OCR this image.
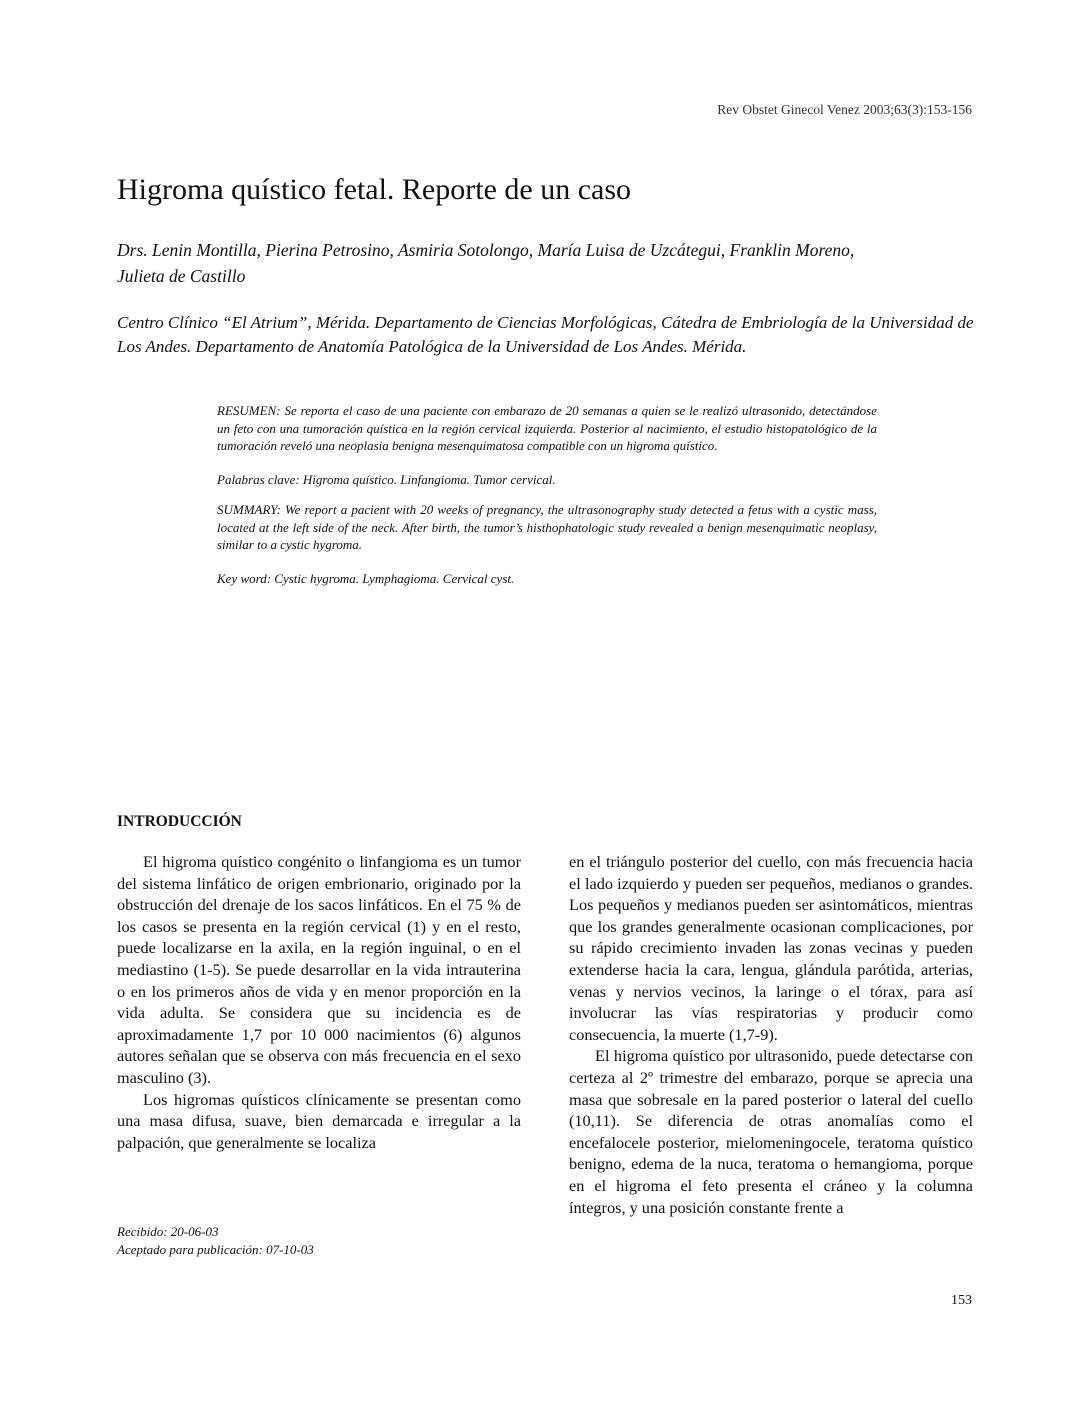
Rev Obstet Ginecol Venez 2003;63(3):153-156
Higroma quístico fetal. Reporte de un caso
Drs. Lenin Montilla, Pierina Petrosino, Asmiria Sotolongo, María Luisa de Uzcátegui, Franklin Moreno,
Julieta de Castillo
Centro Clínico “El Atrium”, Mérida. Departamento de Ciencias Morfológicas, Cátedra de Embriología de la Universidad de Los Andes. Departamento de Anatomía Patológica de la Universidad de Los Andes. Mérida.

RESUMEN: Se reporta el caso de una paciente con embarazo de 20 semanas a quien se le realizó ultrasonido, detectándose un feto con una tumoración quística en la región cervical izquierda. Posterior al nacimiento, el estudio histopatológico de la tumoración reveló una neoplasia benigna mesenquimatosa compatible con un higroma quístico.

Palabras clave: Higroma quístico. Linfangioma. Tumor cervical.

SUMMARY: We report a pacient with 20 weeks of pregnancy, the ultrasonography study detected a fetus with a cystic mass, located at the left side of the neck. After birth, the tumor’s histhophatologic study revealed a benign mesenquimatic neoplasy, similar to a cystic hygroma.

Key word: Cystic hygroma. Lymphagioma. Cervical cyst.

INTRODUCCIÓN

El higroma quístico congénito o linfangioma es un tumor del sistema linfático de origen embrionario, originado por la obstrucción del drenaje de los sacos linfáticos. En el 75 % de los casos se presenta en la región cervical (1) y en el resto, puede localizarse en la axila, en la región inguinal, o en el mediastino (1-5). Se puede desarrollar en la vida intrauterina o en los primeros años de vida y en menor proporción en la vida adulta. Se considera que su incidencia es de aproximadamente 1,7 por 10 000 nacimientos (6) algunos autores señalan que se observa con más frecuencia en el sexo masculino (3).

Los higromas quísticos clínicamente se presentan como una masa difusa, suave, bien demarcada e irregular a la palpación, que generalmente se localiza

en el triángulo posterior del cuello, con más frecuencia hacia el lado izquierdo y pueden ser pequeños, medianos o grandes. Los pequeños y medianos pueden ser asintomáticos, mientras que los grandes generalmente ocasionan complicaciones, por su rápido crecimiento invaden las zonas vecinas y pueden extenderse hacia la cara, lengua, glándula parótida, arterias, venas y nervios vecinos, la laringe o el tórax, para así involucrar las vías respiratorias y producir como consecuencia, la muerte (1,7-9).

El higroma quístico por ultrasonido, puede detectarse con certeza al 2º trimestre del embarazo, porque se aprecia una masa que sobresale en la pared posterior o lateral del cuello (10,11). Se diferencia de otras anomalías como el encefalocele posterior, mielomeningocele, teratoma quístico benigno, edema de la nuca, teratoma o hemangioma, porque en el higroma el feto presenta el cráneo y la columna íntegros, y una posición constante frente a

Recibido: 20-06-03
Aceptado para publicación: 07-10-03
153
